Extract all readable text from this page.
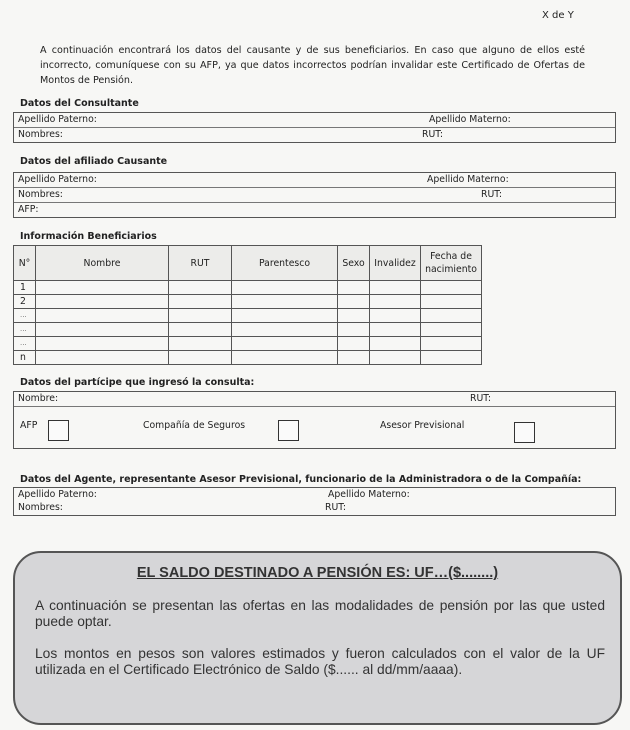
X de Y
A continuación encontrará los datos del causante y de sus beneficiarios. En caso que alguno de ellos esté incorrecto, comuníquese con su AFP, ya que datos incorrectos podrían invalidar este Certificado de Ofertas de Montos de Pensión.
Datos del Consultante
Apellido Paterno:	Apellido Materno:
Nombres:	RUT:
Datos del afiliado Causante
Apellido Paterno:	Apellido Materno:
Nombres:	RUT:
AFP:
Información Beneficiarios
N°	Nombre	RUT	Parentesco	Sexo	Invalidez	Fecha de nacimiento
1						
2						
...						
...						
...						
n						
Datos del partícipe que ingresó la consulta:
Nombre:	RUT:
AFP	Compañía de Seguros	Asesor Previsional
Datos del Agente, representante Asesor Previsional, funcionario de la Administradora o de la Compañía:
Apellido Paterno:	Apellido Materno:
Nombres:	RUT:
EL SALDO DESTINADO A PENSIÓN ES: UF…($........)
A continuación se presentan las ofertas en las modalidades de pensión por las que usted puede optar.
Los montos en pesos son valores estimados y fueron calculados con el valor de la UF utilizada en el Certificado Electrónico de Saldo ($...... al dd/mm/aaaa).
